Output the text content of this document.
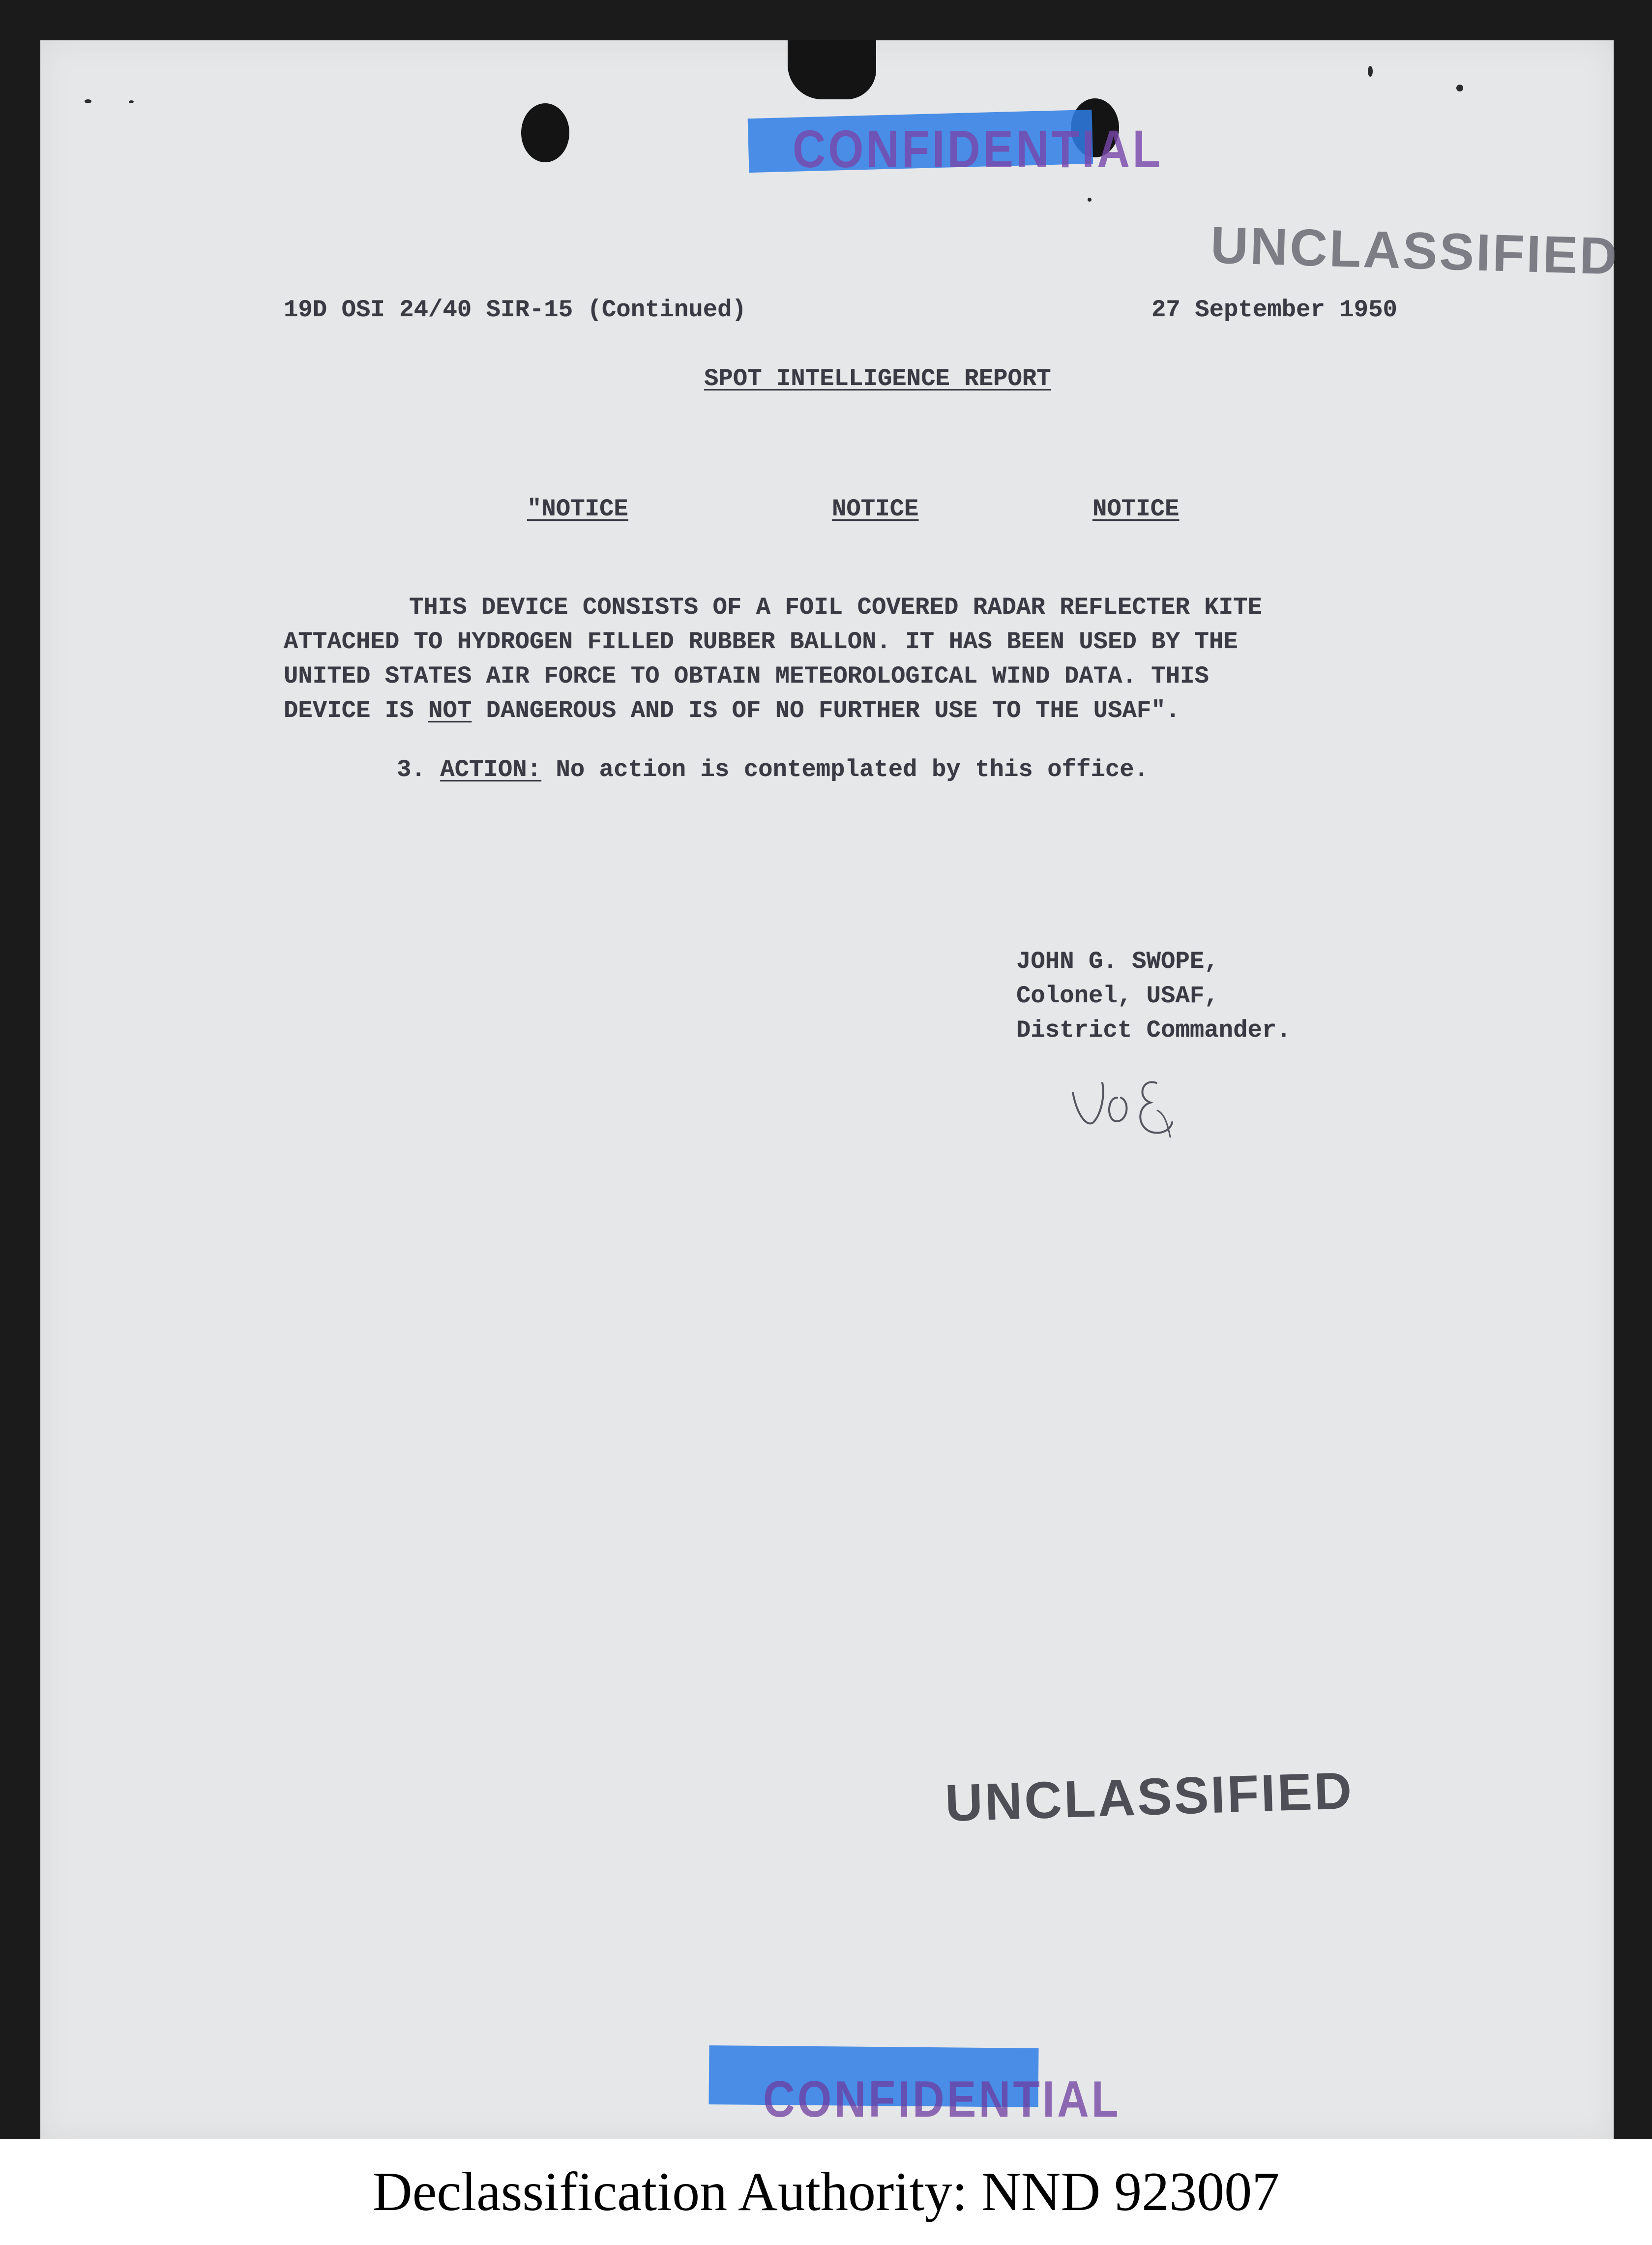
CONFIDENTIAL
CONFIDENTIAL
UNCLASSIFIED
UNCLASSIFIED
19D OSI 24/40 SIR-15 (Continued)	27 September 1950
SPOT INTELLIGENCE REPORT
"NOTICE	NOTICE	NOTICE
THIS DEVICE CONSISTS OF A FOIL COVERED RADAR REFLECTER KITE
ATTACHED TO HYDROGEN FILLED RUBBER BALLON. IT HAS BEEN USED BY THE
UNITED STATES AIR FORCE TO OBTAIN METEOROLOGICAL WIND DATA. THIS
DEVICE IS NOT DANGEROUS AND IS OF NO FURTHER USE TO THE USAF".
3. ACTION: No action is contemplated by this office.
JOHN G. SWOPE,
Colonel, USAF,
District Commander.
Declassification Authority: NND 923007
